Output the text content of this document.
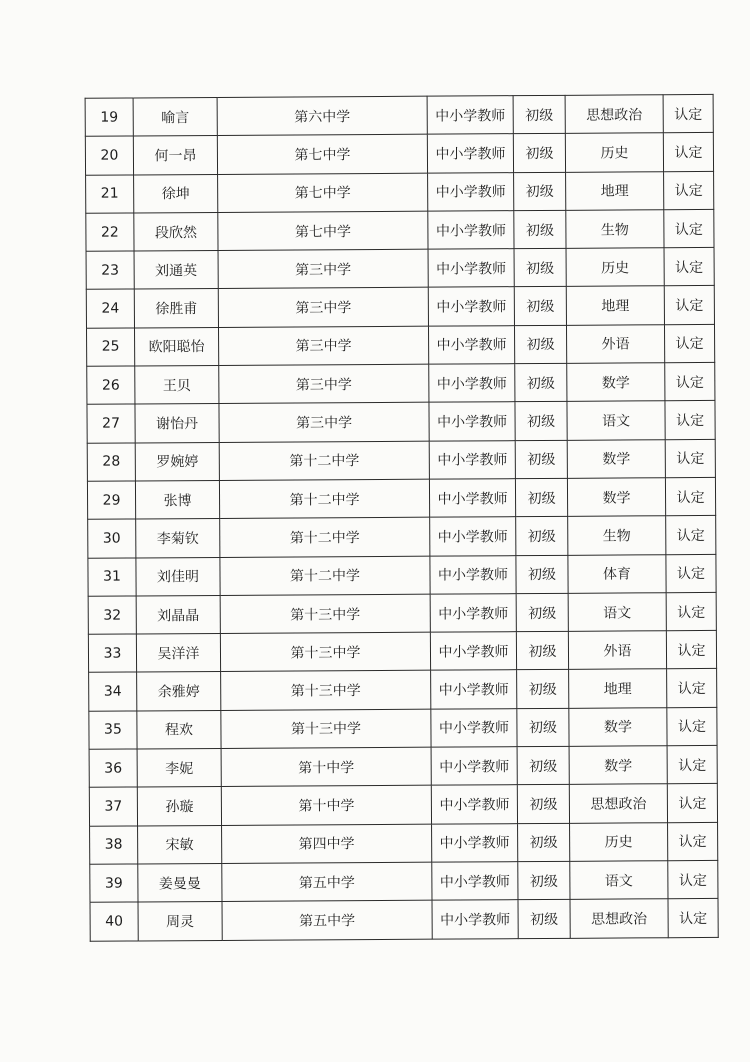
19	喻言	第六中学	中小学教师	初级	思想政治	认定
20	何一昂	第七中学	中小学教师	初级	历史	认定
21	徐坤	第七中学	中小学教师	初级	地理	认定
22	段欣然	第七中学	中小学教师	初级	生物	认定
23	刘通英	第三中学	中小学教师	初级	历史	认定
24	徐胜甫	第三中学	中小学教师	初级	地理	认定
25	欧阳聪怡	第三中学	中小学教师	初级	外语	认定
26	王贝	第三中学	中小学教师	初级	数学	认定
27	谢怡丹	第三中学	中小学教师	初级	语文	认定
28	罗婉婷	第十二中学	中小学教师	初级	数学	认定
29	张博	第十二中学	中小学教师	初级	数学	认定
30	李菊钦	第十二中学	中小学教师	初级	生物	认定
31	刘佳明	第十二中学	中小学教师	初级	体育	认定
32	刘晶晶	第十三中学	中小学教师	初级	语文	认定
33	吴洋洋	第十三中学	中小学教师	初级	外语	认定
34	余雅婷	第十三中学	中小学教师	初级	地理	认定
35	程欢	第十三中学	中小学教师	初级	数学	认定
36	李妮	第十中学	中小学教师	初级	数学	认定
37	孙璇	第十中学	中小学教师	初级	思想政治	认定
38	宋敏	第四中学	中小学教师	初级	历史	认定
39	姜曼曼	第五中学	中小学教师	初级	语文	认定
40	周灵	第五中学	中小学教师	初级	思想政治	认定
